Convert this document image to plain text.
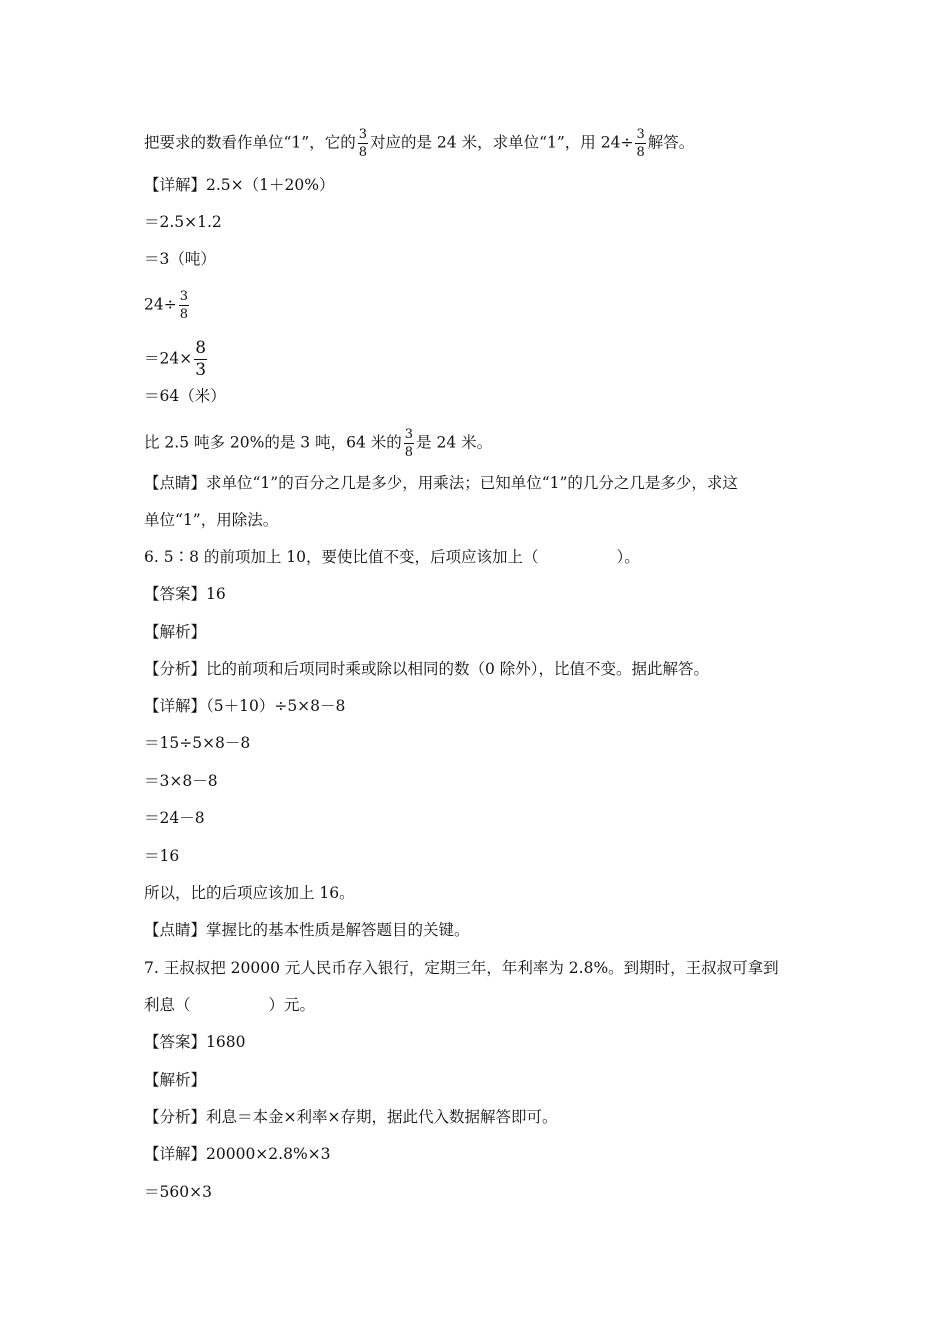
把要求的数看作单位“1”，它的 $\frac{3}{8}$ 对应的是 24 米，求单位“1”，用 $24\div \frac{3}{8}$ 解答。
【详解】2.5×（1＋20%）
＝2.5×1.2
＝3（吨）
$24\div \frac{3}{8}$
$=24\times \frac{8}{3}$
＝64（米）
比 2.5 吨多 20%的是 3 吨，64 米的 $\frac{3}{8}$ 是 24 米。
【点睛】求单位“1”的百分之几是多少，用乘法；已知单位“1”的几分之几是多少，求这
单位“1”，用除法。
6. 5∶8 的前项加上 10，要使比值不变，后项应该加上（	）。
【答案】16
【解析】
【分析】比的前项和后项同时乘或除以相同的数（0 除外），比值不变。据此解答。
【详解】（5＋10）÷5×8－8
＝15÷5×8－8
＝3×8－8
＝24－8
＝16
所以，比的后项应该加上 16。
【点睛】掌握比的基本性质是解答题目的关键。
7. 王叔叔把 20000 元人民币存入银行，定期三年，年利率为 2.8%。到期时，王叔叔可拿到
利息（	）元。
【答案】1680
【解析】
【分析】利息＝本金×利率×存期，据此代入数据解答即可。
【详解】20000×2.8%×3
＝560×3
